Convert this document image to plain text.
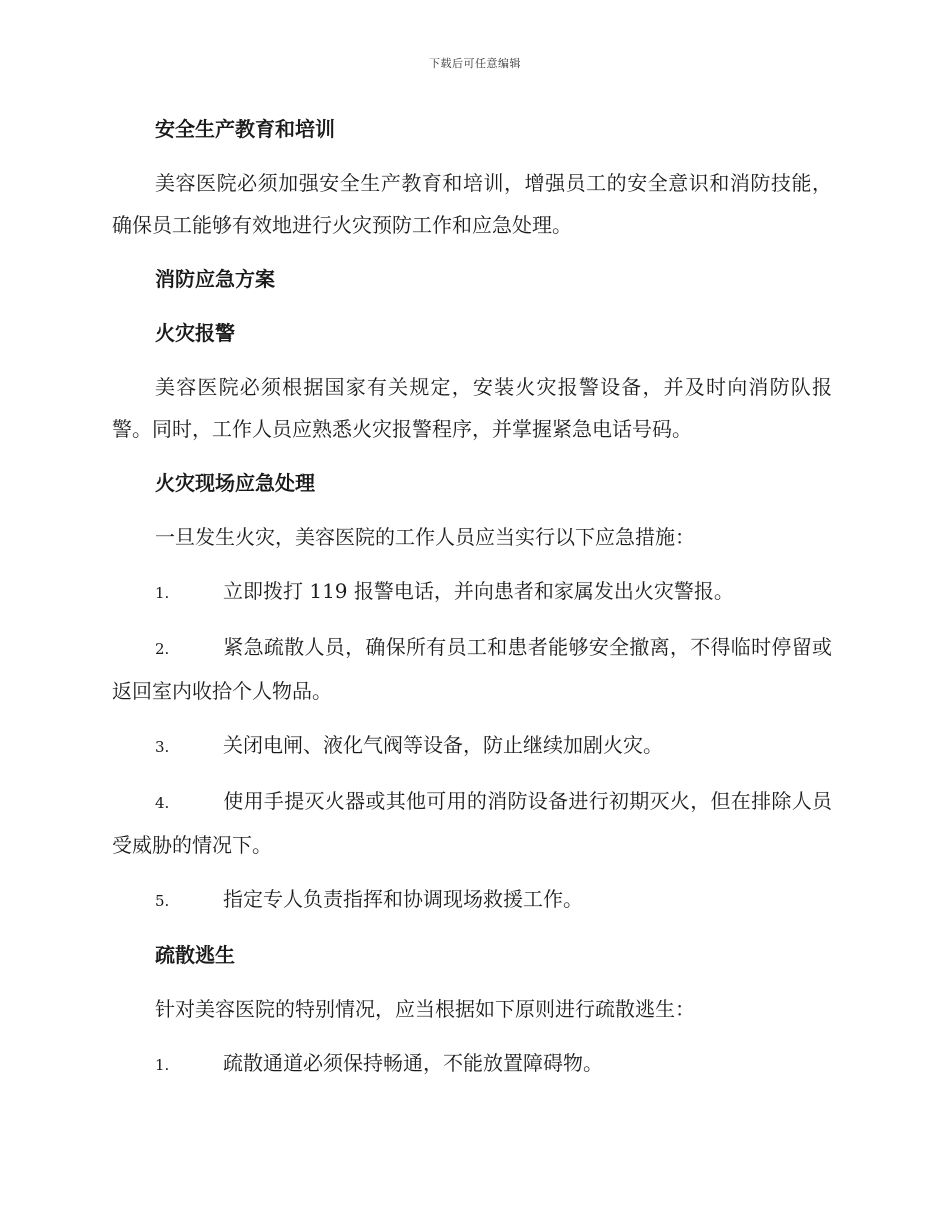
下载后可任意编辑
安全生产教育和培训
美容医院必须加强安全生产教育和培训，增强员工的安全意识和消防技能，确保员工能够有效地进行火灾预防工作和应急处理。
消防应急方案
火灾报警
美容医院必须根据国家有关规定，安装火灾报警设备，并及时向消防队报警。同时，工作人员应熟悉火灾报警程序，并掌握紧急电话号码。
火灾现场应急处理
一旦发生火灾，美容医院的工作人员应当实行以下应急措施：
1.	立即拨打 119 报警电话，并向患者和家属发出火灾警报。
2.	紧急疏散人员，确保所有员工和患者能够安全撤离，不得临时停留或返回室内收拾个人物品。
3.	关闭电闸、液化气阀等设备，防止继续加剧火灾。
4.	使用手提灭火器或其他可用的消防设备进行初期灭火，但在排除人员受威胁的情况下。
5.	指定专人负责指挥和协调现场救援工作。
疏散逃生
针对美容医院的特别情况，应当根据如下原则进行疏散逃生：
1.	疏散通道必须保持畅通，不能放置障碍物。
